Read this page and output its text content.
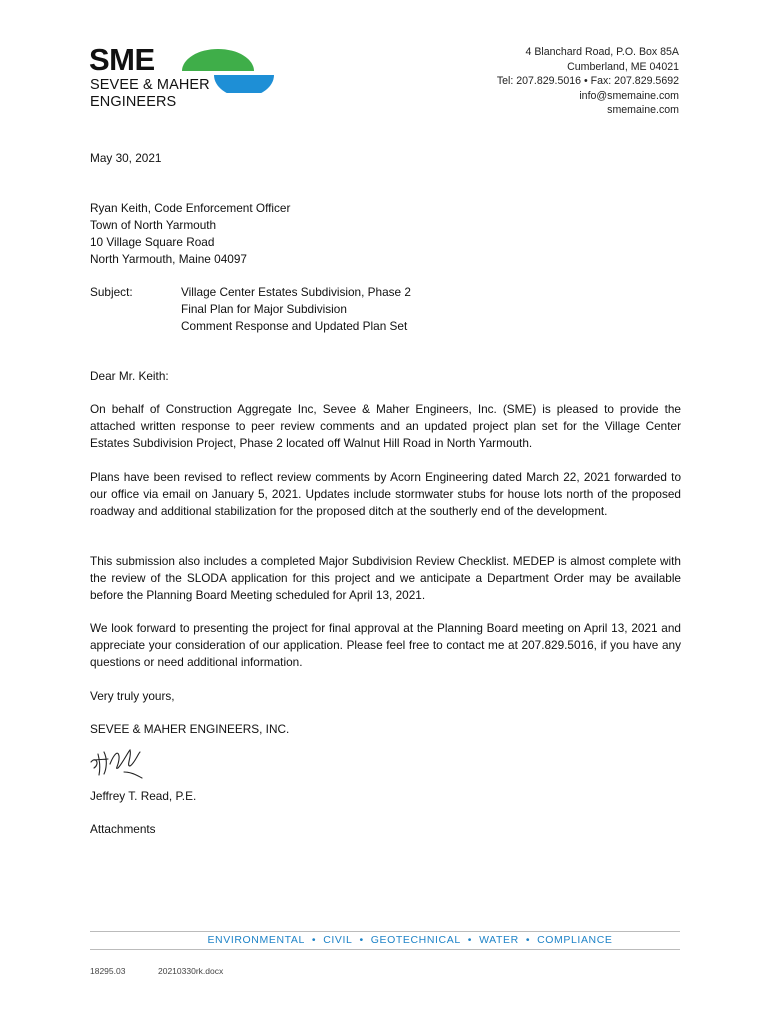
SME
SEVEE & MAHER
ENGINEERS
4 Blanchard Road, P.O. Box 85A
Cumberland, ME 04021
Tel: 207.829.5016 • Fax: 207.829.5692
info@smemaine.com
smemaine.com
May 30, 2021
Ryan Keith, Code Enforcement Officer
Town of North Yarmouth
10 Village Square Road
North Yarmouth, Maine 04097
Subject:	Village Center Estates Subdivision, Phase 2
Final Plan for Major Subdivision
Comment Response and Updated Plan Set
Dear Mr. Keith:
On behalf of Construction Aggregate Inc, Sevee & Maher Engineers, Inc. (SME) is pleased to provide the attached written response to peer review comments and an updated project plan set for the Village Center Estates Subdivision Project, Phase 2 located off Walnut Hill Road in North Yarmouth.
Plans have been revised to reflect review comments by Acorn Engineering dated March 22, 2021 forwarded to our office via email on January 5, 2021. Updates include stormwater stubs for house lots north of the proposed roadway and additional stabilization for the proposed ditch at the southerly end of the development.
This submission also includes a completed Major Subdivision Review Checklist. MEDEP is almost complete with the review of the SLODA application for this project and we anticipate a Department Order may be available before the Planning Board Meeting scheduled for April 13, 2021.
We look forward to presenting the project for final approval at the Planning Board meeting on April 13, 2021 and appreciate your consideration of our application. Please feel free to contact me at 207.829.5016, if you have any questions or need additional information.
Very truly yours,
SEVEE & MAHER ENGINEERS, INC.
Jeffrey T. Read, P.E.
Attachments
ENVIRONMENTAL • CIVIL • GEOTECHNICAL • WATER • COMPLIANCE
18295.03	20210330rk.docx
